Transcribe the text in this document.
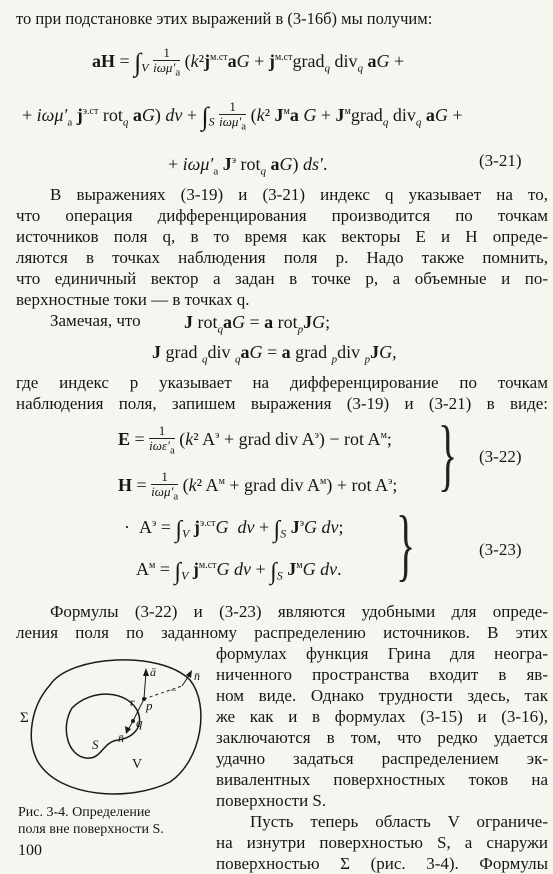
то при подстановке этих выражений в (3-16б) мы получим:
aH = $\int_V$
1
$i\omega\mu'_a$
($k^2j^{м.ст}aG$ + $j^{м.ст}grad_q$ div$_q$ aG +
+ $i\omega\mu'_a$ $j^{э.ст}$ rot$_q$ aG) dv + $\int_S$
1
$i\omega\mu'_a$
(k² $J^мa$ $G + J^мgrad_q$ div$_q$ aG +
+ $i\omega\mu'_a$ $J^э$ rot$_q$ aG) ds′.	(3-21)
В выражениях (3-19) и (3-21) индекс q указывает на то,
что операция дифференцирования производится по точкам
источников поля q, в то время как векторы E и H опреде-
ляются в точках наблюдения поля p. Надо также помнить,
что единичный вектор a задан в точке p, а объемные и по-
верхностные токи — в точках q.
Замечая, что J rot$_q$aG = a rot$_p$JG;
J grad $_q$div $_q$aG = a grad $_p$div $_p$JG,
где индекс p указывает на дифференцирование по точкам
наблюдения поля, запишем выражения (3-19) и (3-21) в виде:
E = 1
$i\omega\varepsilon'_a$
(k² $A^э$ + grad div $A^э$) − rot $A^м$;
H = 1
$i\omega\mu'_a$
(k² $A^м$ + grad div $A^м$) + rot $A^э$; } (3-22)
·  $A^э = \int_V$ $j^{э.ст}G$ dv + $\int_S$ $J^эG$ dv;
$A^м = \int_V$ $j^{м.ст}G$ dv + $\int_S$ $J^мG$ dv. }	(3-23)
Формулы (3-22) и (3-23) являются удобными для опреде-
ления поля по заданному распределению источников. В этих
формулах функция Грина для неогра-
ниченного пространства входит в яв-
ном виде. Однако трудности здесь, так
же как и в формулах (3-15) и (3-16),
заключаются в том, что редко удается
удачно задаться распределением эк-
вивалентных поверхностных токов на
поверхности S.
Пусть теперь область V ограниче-
на изнутри поверхностью S, а снаружи
поверхностью Σ (рис. 3-4). Формулы
Σ
S
V
q
p
r
ā	n̄
n̄
−
Рис. 3-4. Определение
поля вне поверхности S.
100
